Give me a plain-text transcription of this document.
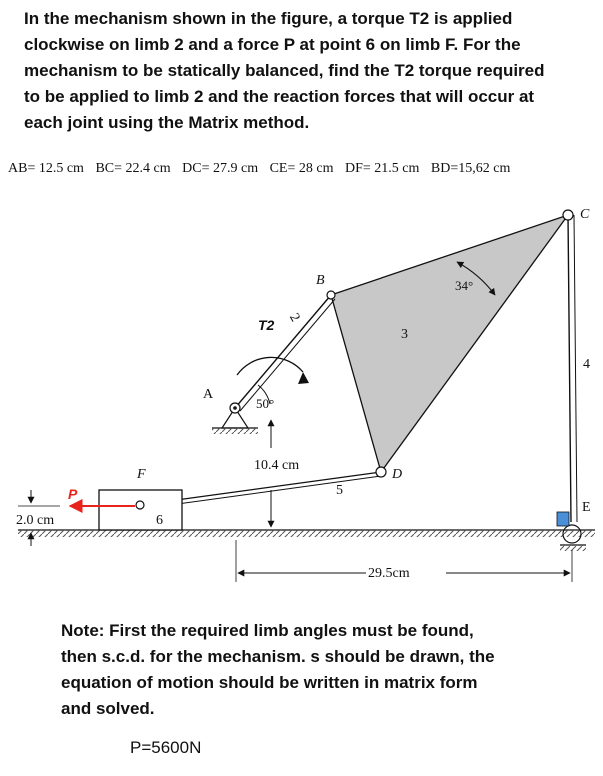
In the mechanism shown in the figure, a torque T2 is applied
clockwise on limb 2 and a force P at point 6 on limb F. For the
mechanism to be statically balanced, find the T2 torque required
to be applied to limb 2 and the reaction forces that will occur at
each joint using the Matrix method.
AB= 12.5 cm BC= 22.4 cm DC= 27.9 cm CE= 28 cm DF= 21.5 cm BD=15,62 cm
A
B
C
D
E
F
P
T2 2
3
4
5
6
50°
34°
10.4 cm
29.5cm
2.0 cm
Note: First the required limb angles must be found,
then s.c.d. for the mechanism. s should be drawn, the
equation of motion should be written in matrix form
and solved.
P=5600N
